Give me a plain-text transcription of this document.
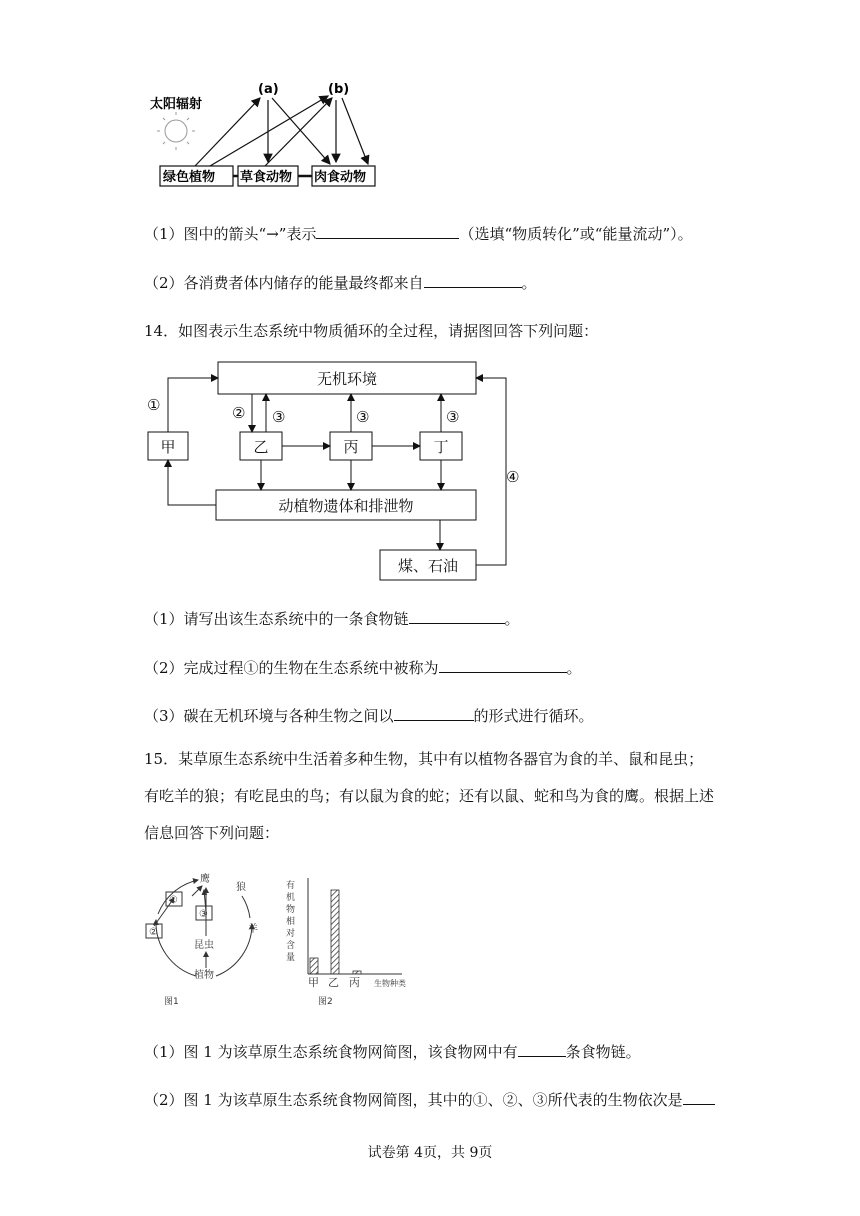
太阳辐射
(a)	(b)
绿色植物 草食动物 肉食动物
（1）图中的箭头“→”表示	（选填“物质转化”或“能量流动”）。
（2）各消费者体内储存的能量最终都来自	。
14．如图表示生态系统中物质循环的全过程，请据图回答下列问题：
无机环境
甲	乙	丙	丁
动植物遗体和排泄物
煤、石油
①	② ③	③	③
④
（1）请写出该生态系统中的一条食物链	。
（2）完成过程①的生物在生态系统中被称为	。
（3）碳在无机环境与各种生物之间以	的形式进行循环。
15．某草原生态系统中生活着多种生物，其中有以植物各器官为食的羊、鼠和昆虫；有吃羊的狼；有吃昆虫的鸟；有以鼠为食的蛇；还有以鼠、蛇和鸟为食的鹰。根据上述信息回答下列问题：
鹰
狼
羊
昆虫
植物
①
③
②
图1
有
机
物
相
对
含
量
甲 乙 丙 生物种类
图2
（1）图 1 为该草原生态系统食物网简图，该食物网中有	条食物链。
（2）图 1 为该草原生态系统食物网简图，其中的①、②、③所代表的生物依次是
试卷第 4页，共 9页
